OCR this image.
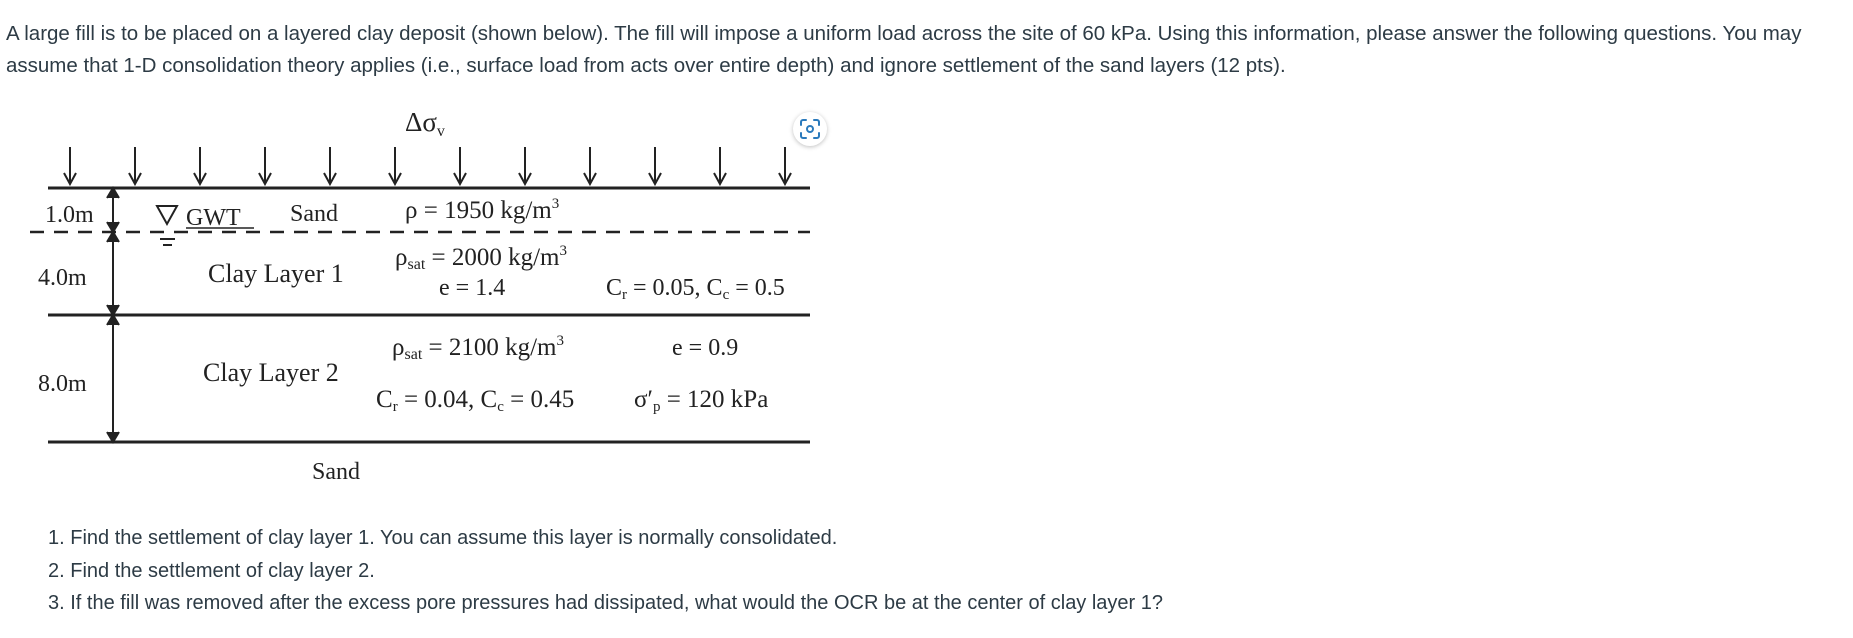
A large fill is to be placed on a layered clay deposit (shown below). The fill will impose a uniform load across the site of 60 kPa. Using this information, please answer the following questions. You may assume that 1-D consolidation theory applies (i.e., surface load from acts over entire depth) and ignore settlement of the sand layers (12 pts).

Δσv
1.0m
4.0m
8.0m
GWT Sand	ρ = 1950 $kg/m^3$
Clay Layer 1
ρsat = 2000 $kg/m^3$
e = 1.4	Cr = 0.05, Cc = 0.5
Clay Layer 2
ρsat = 2100 $kg/m^3$	e = 0.9
Cr = 0.04, Cc = 0.45 σ′p = 120 kPa
Sand
1. Find the settlement of clay layer 1. You can assume this layer is normally consolidated.
2. Find the settlement of clay layer 2.
3. If the fill was removed after the excess pore pressures had dissipated, what would the OCR be at the center of clay layer 1?
